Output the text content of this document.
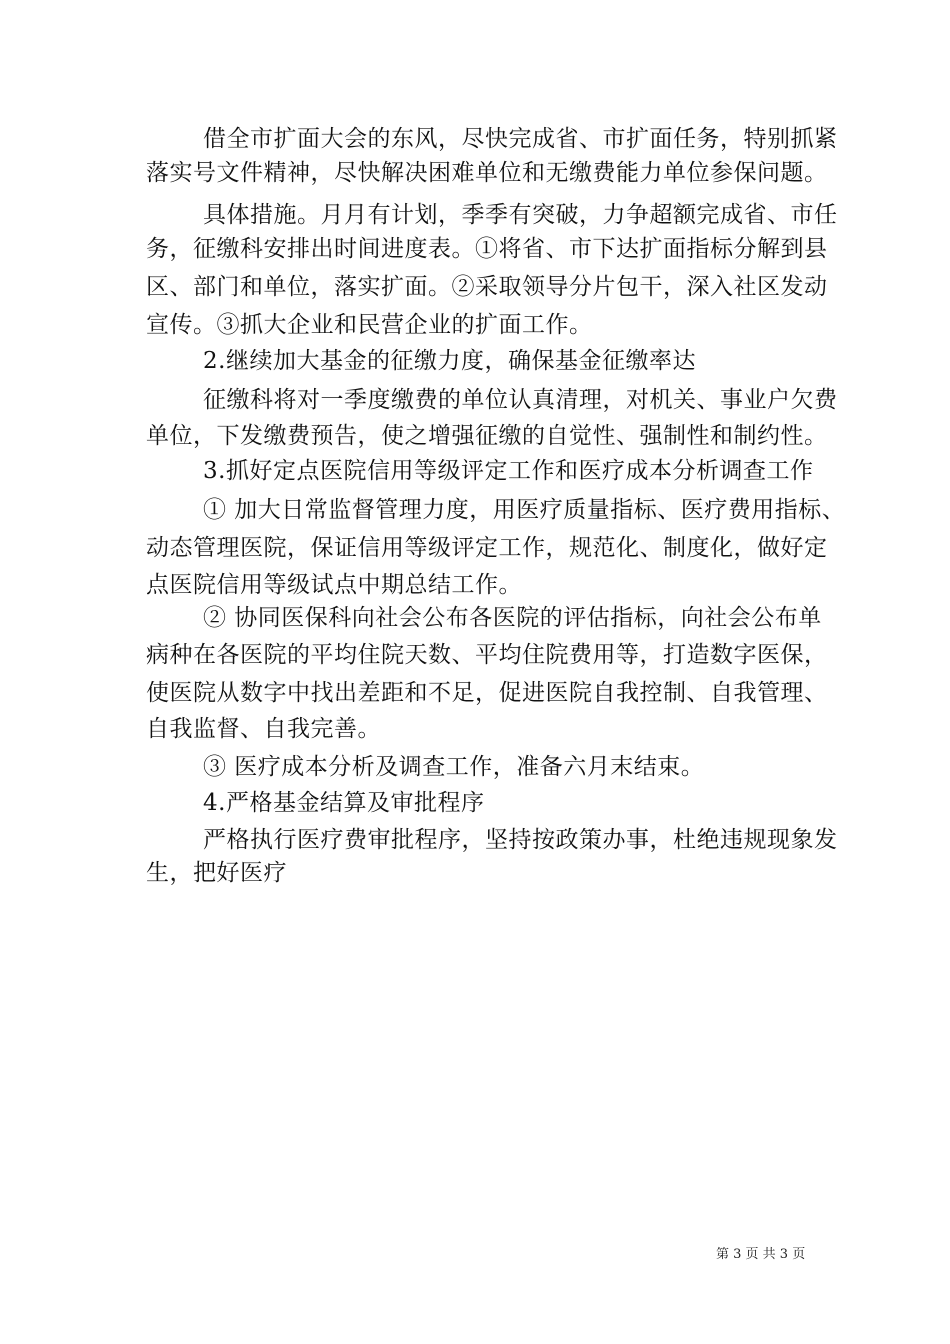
借全市扩面大会的东风，尽快完成省、市扩面任务，特别抓紧
落实号文件精神，尽快解决困难单位和无缴费能力单位参保问题。
具体措施。月月有计划，季季有突破，力争超额完成省、市任
务，征缴科安排出时间进度表。①将省、市下达扩面指标分解到县
区、部门和单位，落实扩面。②采取领导分片包干，深入社区发动
宣传。③抓大企业和民营企业的扩面工作。
2.继续加大基金的征缴力度，确保基金征缴率达
征缴科将对一季度缴费的单位认真清理，对机关、事业户欠费
单位，下发缴费预告，使之增强征缴的自觉性、强制性和制约性。
3.抓好定点医院信用等级评定工作和医疗成本分析调查工作
① 加大日常监督管理力度，用医疗质量指标、医疗费用指标、
动态管理医院，保证信用等级评定工作，规范化、制度化，做好定
点医院信用等级试点中期总结工作。
② 协同医保科向社会公布各医院的评估指标，向社会公布单
病种在各医院的平均住院天数、平均住院费用等，打造数字医保，
使医院从数字中找出差距和不足，促进医院自我控制、自我管理、
自我监督、自我完善。
③ 医疗成本分析及调查工作，准备六月末结束。
4.严格基金结算及审批程序
严格执行医疗费审批程序，坚持按政策办事，杜绝违规现象发
生，把好医疗
第 3 页 共 3 页
